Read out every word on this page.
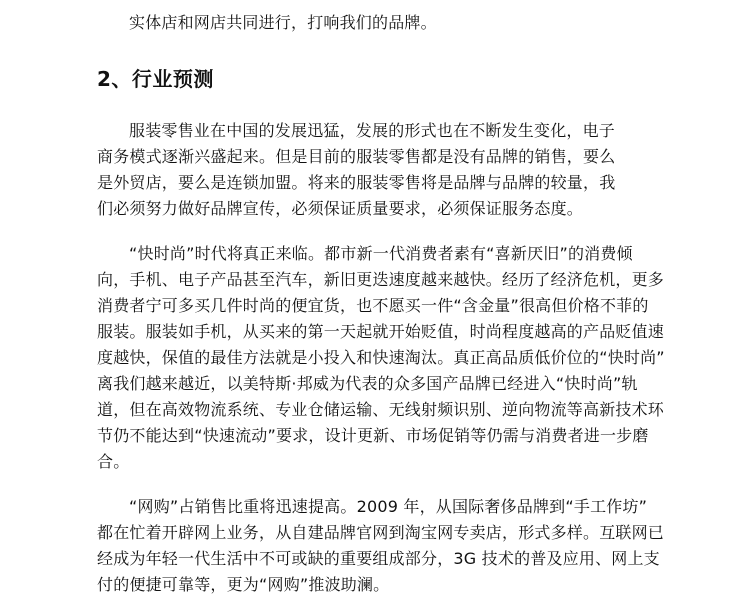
实体店和网店共同进行，打响我们的品牌。
2、行业预测
服装零售业在中国的发展迅猛，发展的形式也在不断发生变化，电子
商务模式逐渐兴盛起来。但是目前的服装零售都是没有品牌的销售，要么
是外贸店，要么是连锁加盟。将来的服装零售将是品牌与品牌的较量，我
们必须努力做好品牌宣传，必须保证质量要求，必须保证服务态度。
“快时尚”时代将真正来临。都市新一代消费者素有“喜新厌旧”的消费倾
向，手机、电子产品甚至汽车，新旧更迭速度越来越快。经历了经济危机，更多
消费者宁可多买几件时尚的便宜货，也不愿买一件“含金量”很高但价格不菲的
服装。服装如手机，从买来的第一天起就开始贬值，时尚程度越高的产品贬值速
度越快，保值的最佳方法就是小投入和快速淘汰。真正高品质低价位的“快时尚”
离我们越来越近，以美特斯·邦威为代表的众多国产品牌已经进入“快时尚”轨
道，但在高效物流系统、专业仓储运输、无线射频识别、逆向物流等高新技术环
节仍不能达到“快速流动”要求，设计更新、市场促销等仍需与消费者进一步磨
合。
“网购”占销售比重将迅速提高。2009 年，从国际奢侈品牌到“手工作坊”
都在忙着开辟网上业务，从自建品牌官网到淘宝网专卖店，形式多样。互联网已
经成为年轻一代生活中不可或缺的重要组成部分，3G 技术的普及应用、网上支
付的便捷可靠等，更为“网购”推波助澜。
